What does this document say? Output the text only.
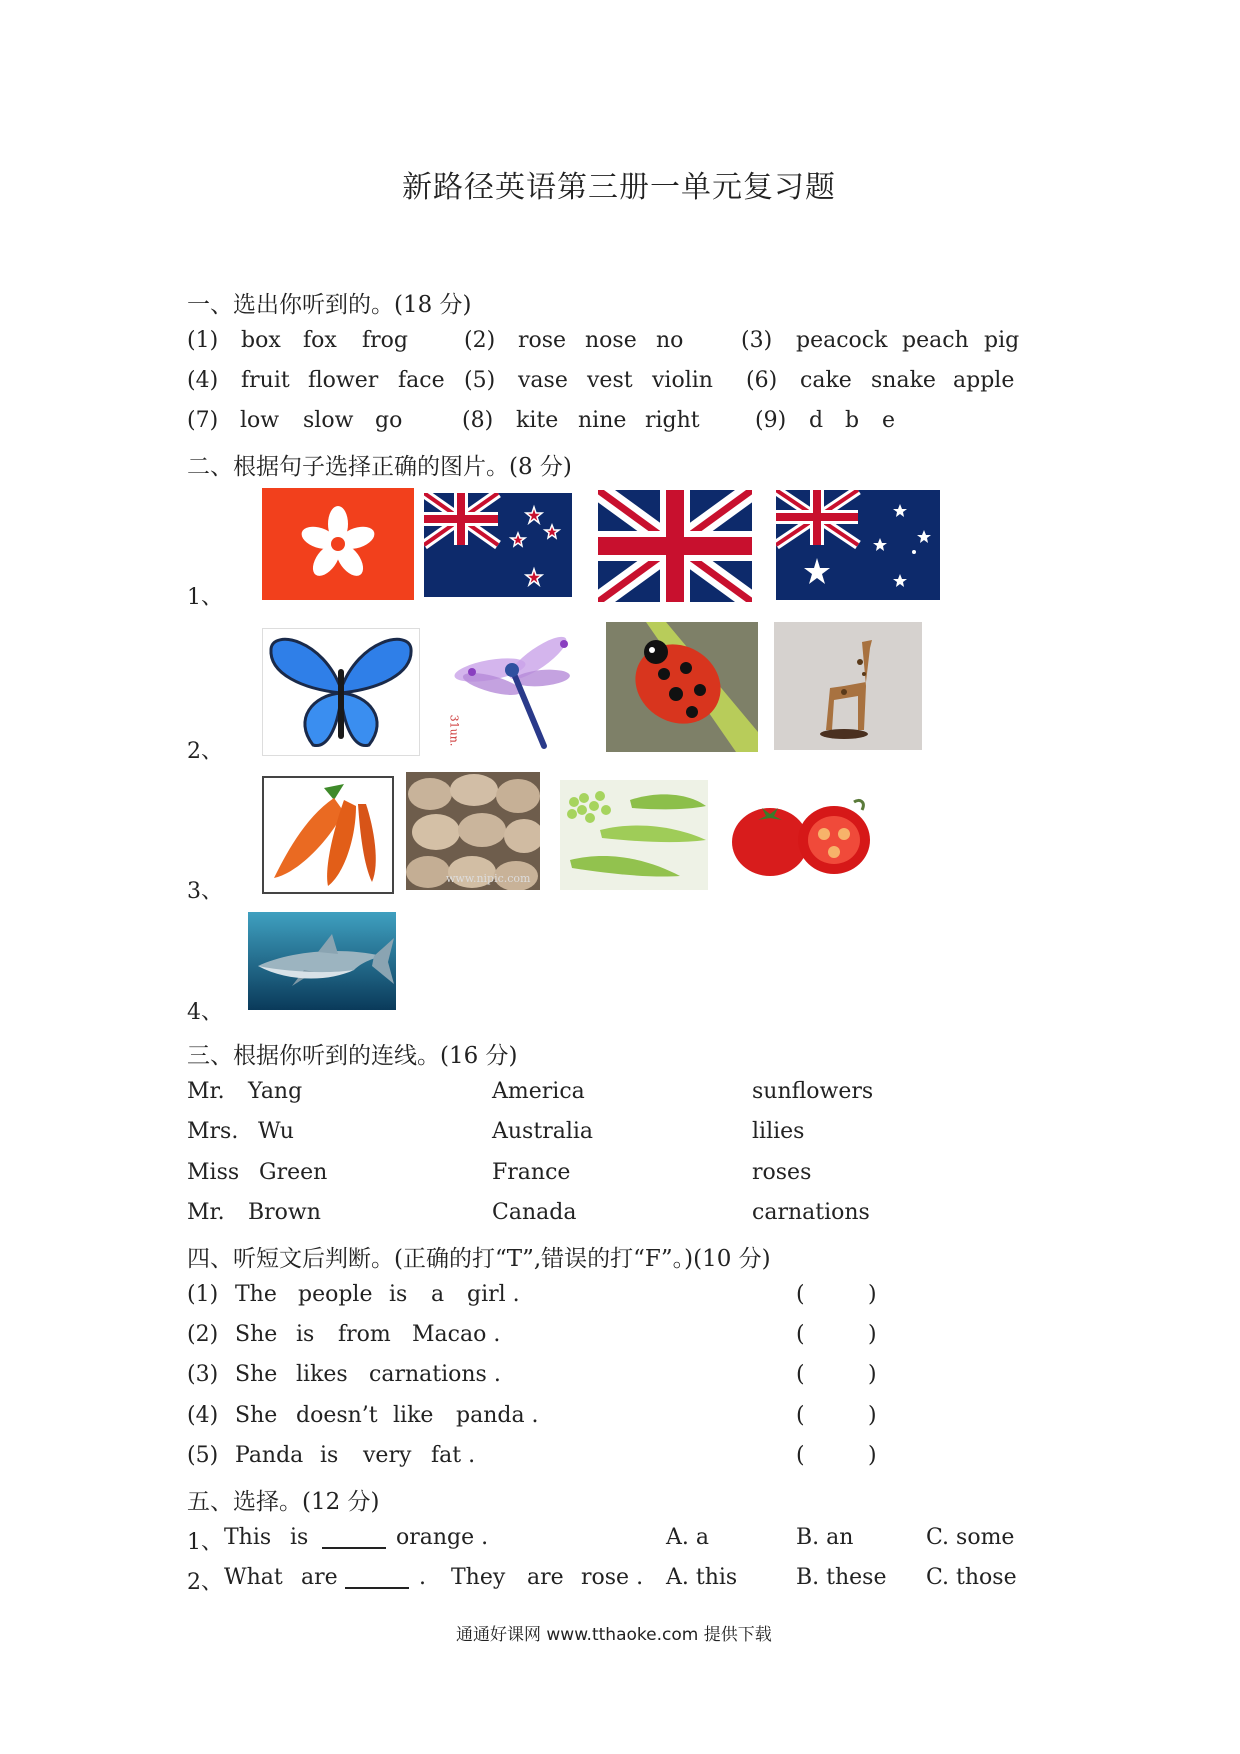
新路径英语第三册一单元复习题
一、选出你听到的。(18 分)
(1) box fox frog	(2) rose nose no	(3) peacock peach pig
(4) fruit flower face (5) vase vest violin (6) cake snake apple
(7) low slow go	(8) kite nine right	(9) d b e
二、根据句子选择正确的图片。(8 分)
1、
2、
3、
4、
31un.
www.nipic.com
三、根据你听到的连线。(16 分)
Mr. Yang	America	sunflowers
Mrs. Wu	Australia	lilies
Miss Green	France	roses
Mr. Brown	Canada	carnations
四、听短文后判断。(正确的打“T”,错误的打“F”。)(10 分)
(1) The people is a girl .	(	)
(2) She is from Macao .	(	)
(3) She likes carnations .	(	)
(4) She doesn’t like panda .	(	)
(5) Panda is very fat .	(	)
五、选择。(12 分)
1、 This is	orange .	A. a	B. an	C. some
2、 What are	. They are rose . A. this	B. these C. those
通通好课网 www.tthaoke.com 提供下载
